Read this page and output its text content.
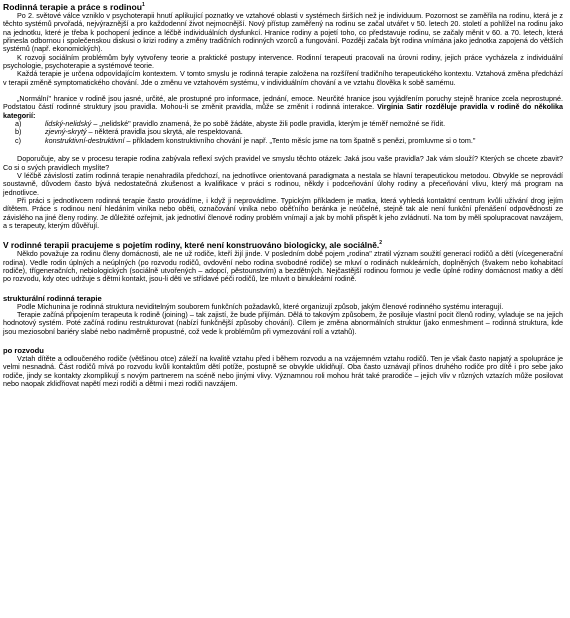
Rodinná terapie a práce s rodinou$^1$

Po 2. světové válce vzniklo v psychoterapii hnutí aplikující poznatky ve vztahové oblasti v systémech širších než je individuum. Pozornost se zaměřila na rodinu, která je z těchto systémů prvořadá, nejvýraznější a pro každodenní život nejmocnější. Nový přístup zaměřený na rodinu se začal utvářet v 50. letech 20. století a pohlížel na rodinu jako na jednotku, které je třeba k pochopení jedince a léčbě individuálních dysfunkcí. Hranice rodiny a pojetí toho, co představuje rodinu, se začaly měnit v 60. a 70. letech, která přinesla odbornou i společenskou diskusi o krizi rodiny a změny tradičních rodinných vzorců a fungování. Později začala být rodina vnímána jako jednotka zapojená do větších systémů (např. ekonomických).

K rozvoji sociálním problémům byly vytvořeny teorie a praktické postupy intervence. Rodinní terapeuti pracovali na úrovni rodiny, jejich práce vycházela z individuální psychologie, psychoterapie a systémové teorie.

Každá terapie je určena odpovídajícím kontextem. V tomto smyslu je rodinná terapie založena na rozšíření tradičního terapeutického kontextu. Vztahová změna předchází v terapii změně symptomatického chování. Jde o změnu ve vztahovém systému, v individuálním chování a ve vztahu člověka k sobě samému.

„Normální" hranice v rodině jsou jasné, určité, ale prostupné pro informace, jednání, emoce. Neurčité hranice jsou vyjádřením poruchy stejně hranice zcela neprostupné. Podstatou částí rodinné struktury jsou pravidla. Mohou-li se změnit pravidla, může se změnit i rodinná interakce. Virginia Satir rozděluje pravidla v rodině do několika kategorií:

a)	lidský-nelidský – „nelidské" pravidlo znamená, že po sobě žádáte, abyste žili podle pravidla, kterým je téměř nemožné se řídit.
b)	zjevný-skrytý – některá pravidla jsou skrytá, ale respektovaná.
c)	konstruktivní-destruktivní – příkladem konstruktivního chování je např. „Tento měsíc jsme na tom špatně s penězi, promluvme si o tom."

Doporučuje, aby se v procesu terapie rodina zabývala reflexí svých pravidel ve smyslu těchto otázek: Jaká jsou vaše pravidla? Jak vám slouží? Kterých se chcete zbavit? Co si o svých pravidlech myslíte?

V léčbě závislostí zatím rodinná terapie nenahradila předchozí, na jednotlivce orientovaná paradigmata a nestala se hlavní terapeutickou metodou. Obvykle se neprovádí soustavně, důvodem často bývá nedostatečná zkušenost a kvalifikace v práci s rodinou, někdy i podceňování úlohy rodiny a přeceňování vlivu, který má program na jednotlivce.

Při práci s jednotlivcem rodinná terapie často provádíme, i když ji neprovádíme. Typickým příkladem je matka, která vyhledá kontaktní centrum kvůli užívání drog jejím dítětem. Práce s rodinou není hledáním viníka nebo oběti, označování viníka nebo oběťního beránka je neúčelné, stejně tak ale není funkční přenášení odpovědnosti ze závislého na jiné členy rodiny. Je důležité ozřejmit, jak jednotliví členové rodiny problém vnímají a jak by mohli přispět k jeho zvládnutí. Na tom by měli spolupracovat navzájem, a s terapeuty, kterým důvěřují.

V rodinné terapii pracujeme s pojetím rodiny, které není konstruováno biologicky, ale sociálně.$^2$

Někdo považuje za rodinu členy domácnosti, ale ne už rodiče, kteří žijí jinde. V posledním době pojem „rodina" ztratil význam soužití generací rodičů a dětí (vícegenerační rodina). Vedle rodin úplných a neúplných (po rozvodu rodičů, ovdovění nebo rodina svobodné rodiče) se mluví o rodinách nukleárních, doplněných (švakem nebo kohabitací rodiče), třígeneračních, nebiologických (sociálně utvořených – adopcí, pěstounstvím) a bezdětných. Nejčastější rodinou formou je vedle úplné rodiny domácnost matky a dětí po rozvodu, kdy otec udržuje s dětmi kontakt, jsou-li děti ve střídavé péči rodičů, lze mluvit o binukleární rodině.

strukturální rodinná terapie

Podle Michunina je rodinná struktura neviditelným souborem funkčních požadavků, které organizují způsob, jakým členové rodinného systému interagují.

Terapie začíná připojením terapeuta k rodině (joining) – tak zajistí, že bude přijímán. Dělá to takovým způsobem, že posiluje vlastní pocit členů rodiny, vyladuje se na jejich hodnotový systém. Poté začíná rodinu restrukturovat (nabízí funkčnější způsoby chování). Cílem je změna abnormálních struktur (jako enmeshment – rodinná struktura, kde jsou meziosobní bariéry slabé nebo nadměrně propustné, což vede k problémům při vymezování rolí a vztahů).

po rozvodu

Vztah dítěte a odloučeného rodiče (většinou otce) záleží na kvalitě vztahu před i během rozvodu a na vzájemném vztahu rodičů. Ten je však často napjatý a spolupráce je velmi nesnadná. Část rodičů mívá po rozvodu kvůli kontaktům dětí potíže, postupně se obvykle uklidňují. Oba často uznávají přínos druhého rodiče pro dítě i pro sebe jako rodiče, jindy se kontakty zkomplikují s novým partnerem na scéně nebo jinými vlivy. Významnou roli mohou hrát také prarodiče – jejich vliv v různých vztazích může posilovat nebo naopak zkliďňovat napětí mezi rodiči a dětmi i mezi rodiči navzájem.
